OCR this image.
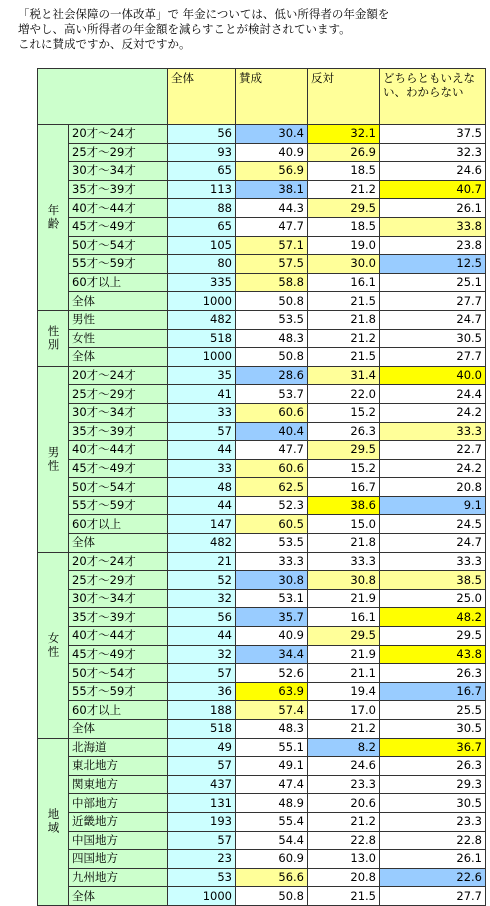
「税と社会保障の一体改革」で 年金については、低い所得者の年金額を
増やし、高い所得者の年金額を減らすことが検討されています。
これに賛成ですか、反対ですか。
		全体	賛成	反対	どちらともいえない、わからない
年齢	20才～24才	56	30.4	32.1	37.5
	25才～29才	93	40.9	26.9	32.3
	30才～34才	65	56.9	18.5	24.6
	35才～39才	113	38.1	21.2	40.7
	40才～44才	88	44.3	29.5	26.1
	45才～49才	65	47.7	18.5	33.8
	50才～54才	105	57.1	19.0	23.8
	55才～59才	80	57.5	30.0	12.5
	60才以上	335	58.8	16.1	25.1
	全体	1000	50.8	21.5	27.7
性別	男性	482	53.5	21.8	24.7
	女性	518	48.3	21.2	30.5
	全体	1000	50.8	21.5	27.7
男性	20才～24才	35	28.6	31.4	40.0
	25才～29才	41	53.7	22.0	24.4
	30才～34才	33	60.6	15.2	24.2
	35才～39才	57	40.4	26.3	33.3
	40才～44才	44	47.7	29.5	22.7
	45才～49才	33	60.6	15.2	24.2
	50才～54才	48	62.5	16.7	20.8
	55才～59才	44	52.3	38.6	9.1
	60才以上	147	60.5	15.0	24.5
	全体	482	53.5	21.8	24.7
女性	20才～24才	21	33.3	33.3	33.3
	25才～29才	52	30.8	30.8	38.5
	30才～34才	32	53.1	21.9	25.0
	35才～39才	56	35.7	16.1	48.2
	40才～44才	44	40.9	29.5	29.5
	45才～49才	32	34.4	21.9	43.8
	50才～54才	57	52.6	21.1	26.3
	55才～59才	36	63.9	19.4	16.7
	60才以上	188	57.4	17.0	25.5
	全体	518	48.3	21.2	30.5
地域	北海道	49	55.1	8.2	36.7
	東北地方	57	49.1	24.6	26.3
	関東地方	437	47.4	23.3	29.3
	中部地方	131	48.9	20.6	30.5
	近畿地方	193	55.4	21.2	23.3
	中国地方	57	54.4	22.8	22.8
	四国地方	23	60.9	13.0	26.1
	九州地方	53	56.6	20.8	22.6
	全体	1000	50.8	21.5	27.7
